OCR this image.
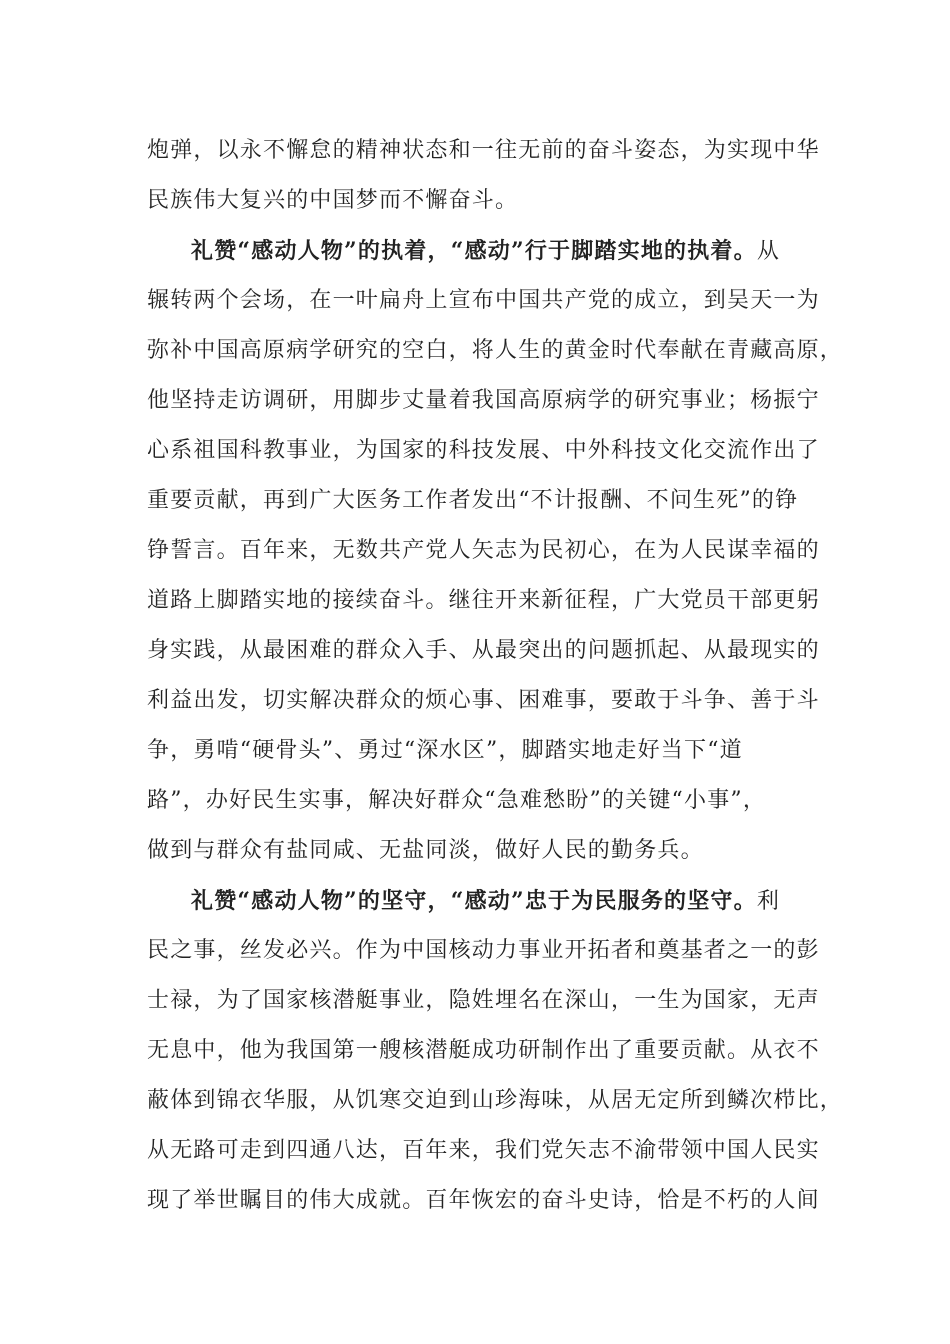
炮弹，以永不懈怠的精神状态和一往无前的奋斗姿态，为实现中华
民族伟大复兴的中国梦而不懈奋斗。
礼赞“感动人物”的执着，“感动”行于脚踏实地的执着。从
辗转两个会场，在一叶扁舟上宣布中国共产党的成立，到吴天一为
弥补中国高原病学研究的空白，将人生的黄金时代奉献在青藏高原，
他坚持走访调研，用脚步丈量着我国高原病学的研究事业；杨振宁
心系祖国科教事业，为国家的科技发展、中外科技文化交流作出了
重要贡献，再到广大医务工作者发出“不计报酬、不问生死”的铮
铮誓言。百年来，无数共产党人矢志为民初心，在为人民谋幸福的
道路上脚踏实地的接续奋斗。继往开来新征程，广大党员干部更躬
身实践，从最困难的群众入手、从最突出的问题抓起、从最现实的
利益出发，切实解决群众的烦心事、困难事，要敢于斗争、善于斗
争，勇啃“硬骨头”、勇过“深水区”，脚踏实地走好当下“道
路”，办好民生实事，解决好群众“急难愁盼”的关键“小事”，
做到与群众有盐同咸、无盐同淡，做好人民的勤务兵。
礼赞“感动人物”的坚守，“感动”忠于为民服务的坚守。利
民之事，丝发必兴。作为中国核动力事业开拓者和奠基者之一的彭
士禄，为了国家核潜艇事业，隐姓埋名在深山，一生为国家，无声
无息中，他为我国第一艘核潜艇成功研制作出了重要贡献。从衣不
蔽体到锦衣华服，从饥寒交迫到山珍海味，从居无定所到鳞次栉比，
从无路可走到四通八达，百年来，我们党矢志不渝带领中国人民实
现了举世瞩目的伟大成就。百年恢宏的奋斗史诗，恰是不朽的人间
